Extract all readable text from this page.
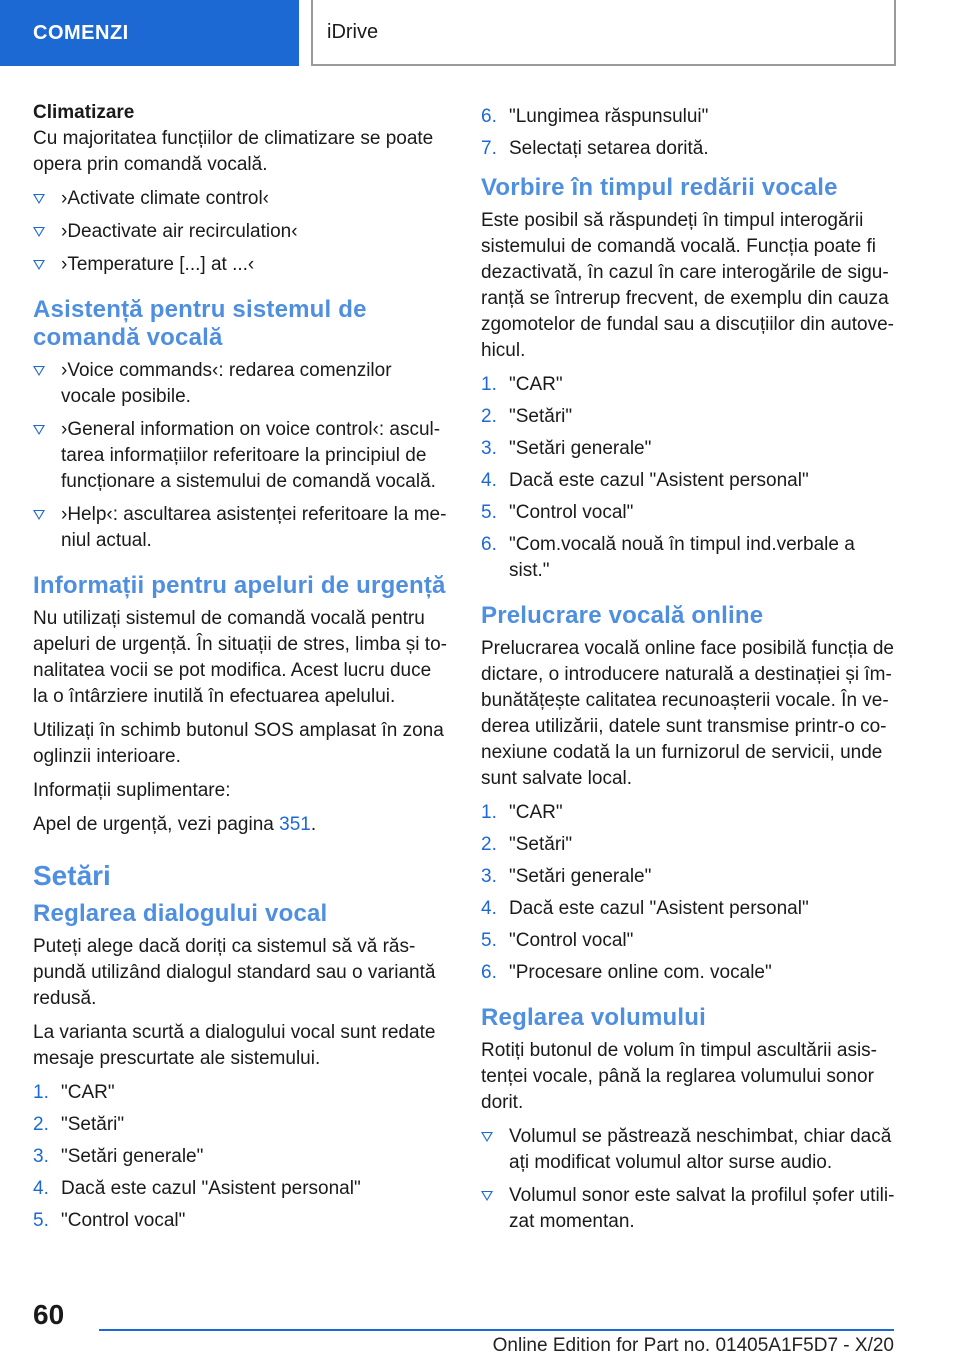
COMENZI	iDrive
Climatizare

Cu majoritatea funcțiilor de climatizare se poate opera prin comandă vocală.

›Activate climate control‹
›Deactivate air recirculation‹
›Temperature [...] at ...‹
Asistență pentru sistemul de comandă vocală
›Voice commands‹: redarea comenzilor vocale posibile.
›General information on voice control‹: ascul-tarea informațiilor referitoare la principiul de funcționare a sistemului de comandă vocală.
›Help‹: ascultarea asistenței referitoare la me-niul actual.
Informații pentru apeluri de urgență

Nu utilizați sistemul de comandă vocală pentru apeluri de urgență. În situații de stres, limba și to-nalitatea vocii se pot modifica. Acest lucru duce la o întârziere inutilă în efectuarea apelului.

Utilizați în schimb butonul SOS amplasat în zona oglinzii interioare.

Informații suplimentare:

Apel de urgență, vezi pagina 351.

Setări
Reglarea dialogului vocal

Puteți alege dacă doriți ca sistemul să vă răs-pundă utilizând dialogul standard sau o variantă redusă.

La varianta scurtă a dialogului vocal sunt redate mesaje prescurtate ale sistemului.

1. "CAR"
2. "Setări"
3. "Setări generale"
4. Dacă este cazul "Asistent personal"
5. "Control vocal"
6. "Lungimea răspunsului"
7. Selectați setarea dorită.
Vorbire în timpul redării vocale

Este posibil să răspundeți în timpul interogării sistemului de comandă vocală. Funcția poate fi dezactivată, în cazul în care interogările de sigu-ranță se întrerup frecvent, de exemplu din cauza zgomotelor de fundal sau a discuțiilor din autove-hicul.

1. "CAR"
2. "Setări"
3. "Setări generale"
4. Dacă este cazul "Asistent personal"
5. "Control vocal"
6. "Com.vocală nouă în timpul ind.verbale a sist."
Prelucrare vocală online

Prelucrarea vocală online face posibilă funcția de dictare, o introducere naturală a destinației și îm-bunătățește calitatea recunoașterii vocale. În ve-derea utilizării, datele sunt transmise printr-o co-nexiune codată la un furnizorul de servicii, unde sunt salvate local.

1. "CAR"
2. "Setări"
3. "Setări generale"
4. Dacă este cazul "Asistent personal"
5. "Control vocal"
6. "Procesare online com. vocale"
Reglarea volumului

Rotiți butonul de volum în timpul ascultării asis-tenței vocale, până la reglarea volumului sonor dorit.

Volumul se păstrează neschimbat, chiar dacă ați modificat volumul altor surse audio.
Volumul sonor este salvat la profilul șofer utili-zat momentan.
60
Online Edition for Part no. 01405A1F5D7 - X/20
